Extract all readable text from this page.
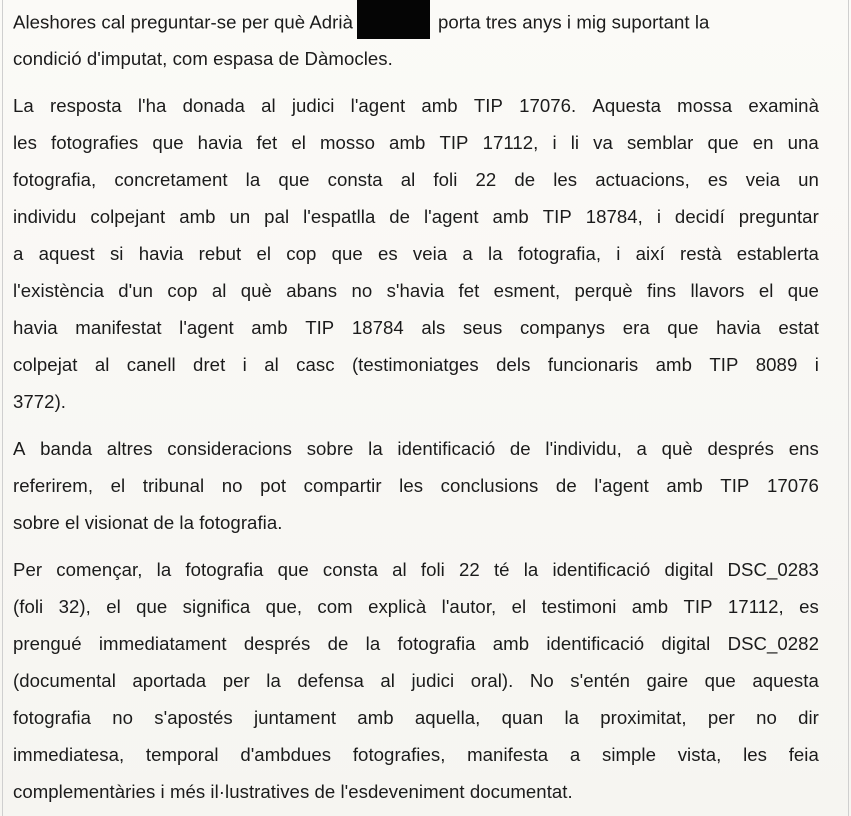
Aleshores cal preguntar-se per què Adrià	porta tres anys i mig suportant la
condició d'imputat, com espasa de Dàmocles.
La resposta l'ha donada al judici l'agent amb TIP 17076. Aquesta mossa examinà
les fotografies que havia fet el mosso amb TIP 17112, i li va semblar que en una
fotografia, concretament la que consta al foli 22 de les actuacions, es veia un
individu colpejant amb un pal l'espatlla de l'agent amb TIP 18784, i decidí preguntar
a aquest si havia rebut el cop que es veia a la fotografia, i així restà establerta
l'existència d'un cop al què abans no s'havia fet esment, perquè fins llavors el que
havia manifestat l'agent amb TIP 18784 als seus companys era que havia estat
colpejat al canell dret i al casc (testimoniatges dels funcionaris amb TIP 8089 i
3772).
A banda altres consideracions sobre la identificació de l'individu, a què després ens
referirem, el tribunal no pot compartir les conclusions de l'agent amb TIP 17076
sobre el visionat de la fotografia.
Per començar, la fotografia que consta al foli 22 té la identificació digital DSC_0283
(foli 32), el que significa que, com explicà l'autor, el testimoni amb TIP 17112, es
prengué immediatament després de la fotografia amb identificació digital DSC_0282
(documental aportada per la defensa al judici oral). No s'entén gaire que aquesta
fotografia no s'apostés juntament amb aquella, quan la proximitat, per no dir
immediatesa, temporal d'ambdues fotografies, manifesta a simple vista, les feia
complementàries i més il·lustratives de l'esdeveniment documentat.
